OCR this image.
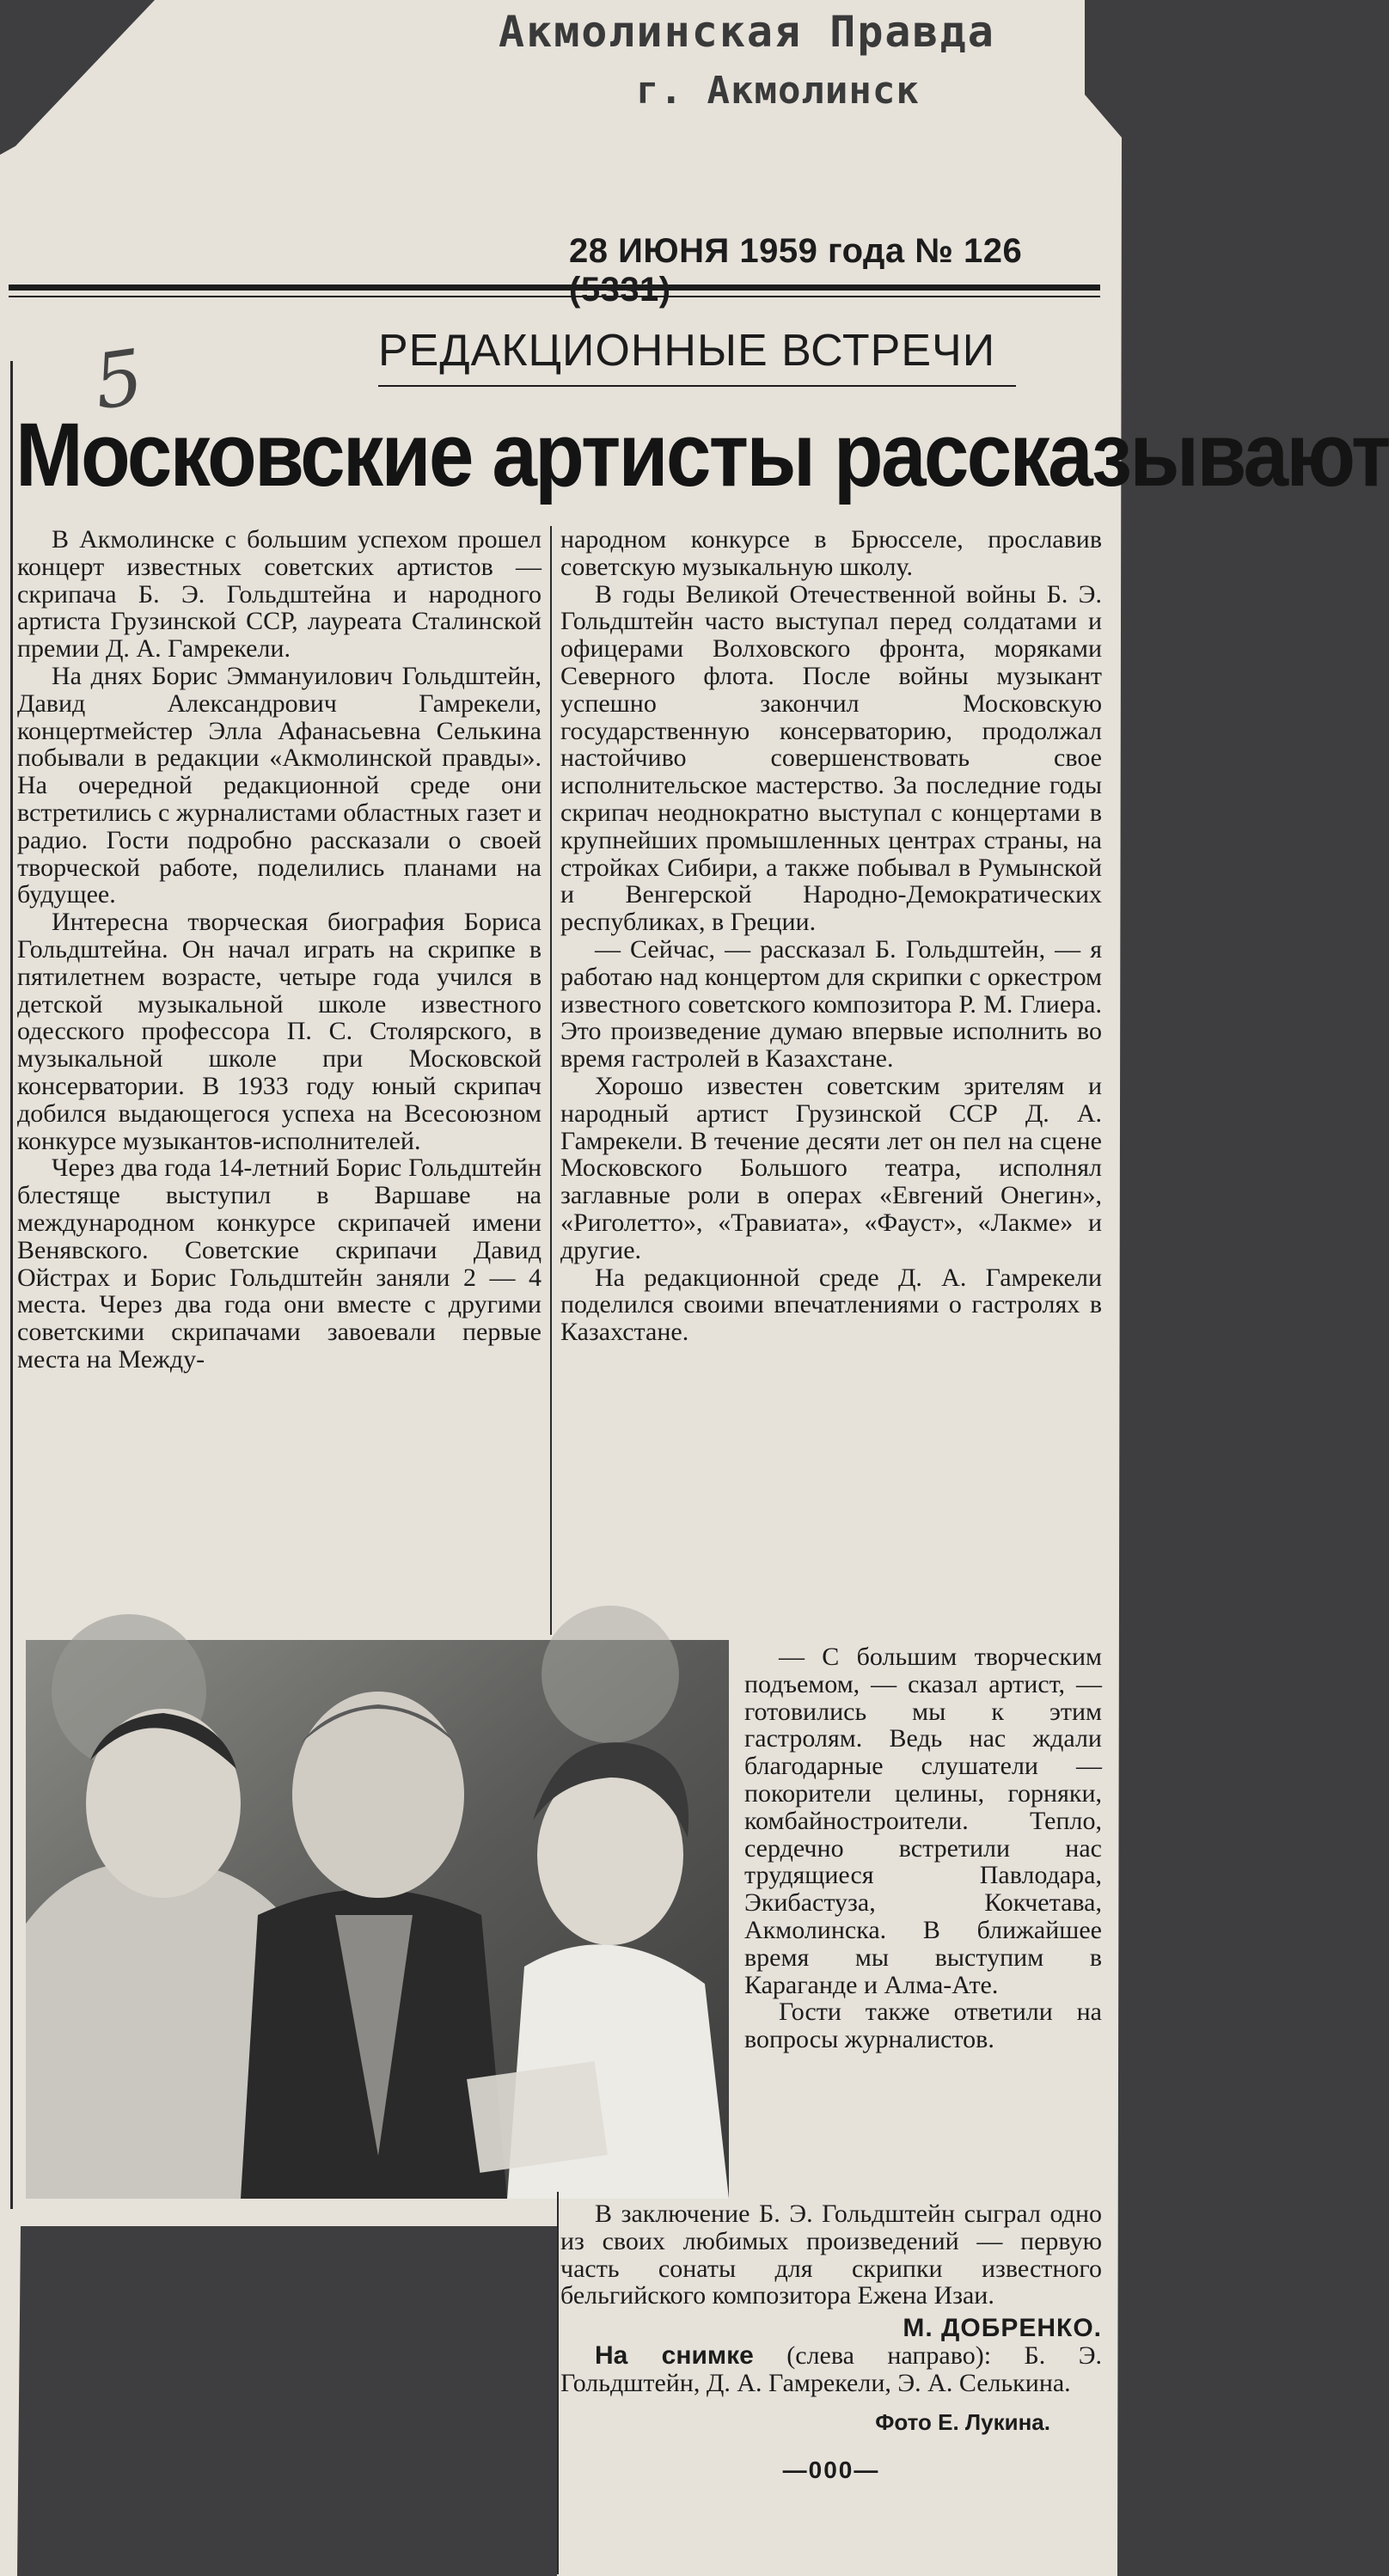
Акмолинская Правда
г. Акмолинск
28 ИЮНЯ 1959 года № 126
5	РЕДАКЦИОННЫЕ ВСТРЕЧИ
Московские артисты рассказывают

В Акмолинске с большим успехом прошел концерт известных советских артистов — скрипача Б. Э. Гольдштейна и народного артиста Грузинской ССР, лауреата Сталинской премии Д. А. Гамрекели.

На днях Борис Эммануилович Гольдштейн, Давид Александрович Гамрекели, концертмейстер Элла Афанасьевна Селькина побывали в редакции «Акмолинской правды». На очередной редакционной среде они встретились с журналистами областных газет и радио. Гости подробно рассказали о своей творческой работе, поделились планами на будущее.

Интересна творческая биография Бориса Гольдштейна. Он начал играть на скрипке в пятилетнем возрасте, четыре года учился в детской музыкальной школе известного одесского профессора П. С. Столярского, в музыкальной школе при Московской консерватории. В 1933 году юный скрипач добился выдающегося успеха на Всесоюзном конкурсе музыкантов-исполнителей.

Через два года 14-летний Борис Гольдштейн блестяще выступил в Варшаве на международном конкурсе скрипачей имени Венявского. Советские скрипачи Давид Ойстрах и Борис Гольдштейн заняли 2 — 4 места. Через два года они вместе с другими советскими скрипачами завоевали первые места на Между-

народном конкурсе в Брюсселе, прославив советскую музыкальную школу.

В годы Великой Отечественной войны Б. Э. Гольдштейн часто выступал перед солдатами и офицерами Волховского фронта, моряками Северного флота. После войны музыкант успешно закончил Московскую государственную консерваторию, продолжал настойчиво совершенствовать свое исполнительское мастерство. За последние годы скрипач неоднократно выступал с концертами в крупнейших промышленных центрах страны, на стройках Сибири, а также побывал в Румынской и Венгерской Народно-Демократических республиках, в Греции.

— Сейчас, — рассказал Б. Гольдштейн, — я работаю над концертом для скрипки с оркестром известного советского композитора Р. М. Глиера. Это произведение думаю впервые исполнить во время гастролей в Казахстане.

Хорошо известен советским зрителям и народный артист Грузинской ССР Д. А. Гамрекели. В течение десяти лет он пел на сцене Московского Большого театра, исполнял заглавные роли в операх «Евгений Онегин», «Риголетто», «Травиата», «Фауст», «Лакме» и другие.

На редакционной среде Д. А. Гамрекели поделился своими впечатлениями о гастролях в Казахстане.

— С большим творческим подъемом, — сказал артист, — готовились мы к этим гастролям. Ведь нас ждали благодарные слушатели — покорители целины, горняки, комбайностроители. Тепло, сердечно встретили нас трудящиеся Павлодара, Экибастуза, Кокчетава, Акмолинска. В ближайшее время мы выступим в Караганде и Алма-Ате.

Гости также ответили на вопросы журналистов.

В заключение Б. Э. Гольдштейн сыграл одно из своих любимых произведений — первую часть сонаты для скрипки известного бельгийского композитора Ежена Изаи.

М. ДОБРЕНКО.

На снимке (слева направо): Б. Э. Гольдштейн, Д. А. Гамрекели, Э. А. Селькина.

Фото Е. Лукина.
—000—
